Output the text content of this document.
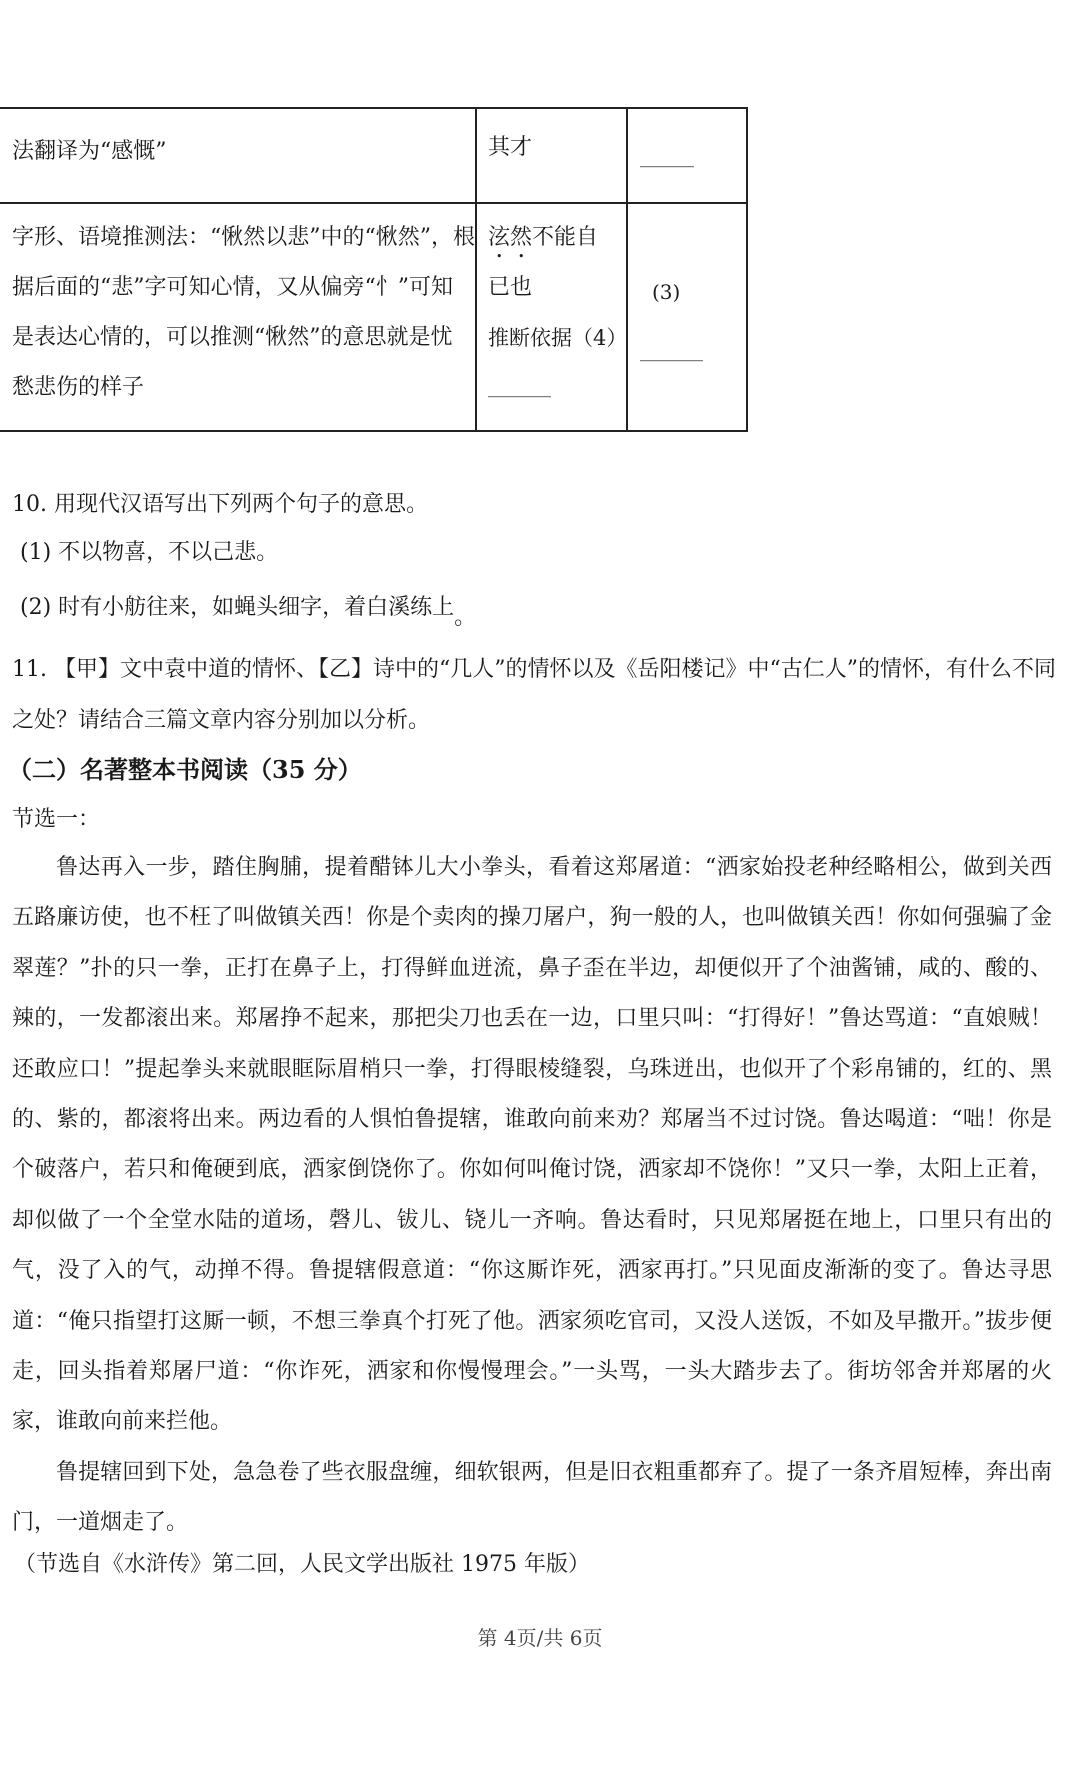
法翻译为“感慨”	其才	______
字形、语境推测法：“愀然以悲”中的“愀然”，根
据后面的“悲”字可知心情，又从偏旁“忄”可知
是表达心情的，可以推测“愀然”的意思就是忧
愁悲伤的样子
泫然不能自
已也
推断依据（4）
_______
(3)
_______
10. 用现代汉语写出下列两个句子的意思。
(1) 不以物喜，不以己悲。
(2) 时有小舫往来，如蝇头细字，着白溪练上。
11. 【甲】文中袁中道的情怀、【乙】诗中的“几人”的情怀以及《岳阳楼记》中“古仁人”的情怀，有什么不同
之处？请结合三篇文章内容分别加以分析。
（二）名著整本书阅读（35 分）
节选一：

鲁达再入一步，踏住胸脯，提着醋钵儿大小拳头，看着这郑屠道：“洒家始投老种经略相公，做到关西五路廉访使，也不枉了叫做镇关西！你是个卖肉的操刀屠户，狗一般的人，也叫做镇关西！你如何强骗了金翠莲？”扑的只一拳，正打在鼻子上，打得鲜血迸流，鼻子歪在半边，却便似开了个油酱铺，咸的、酸的、辣的，一发都滚出来。郑屠挣不起来，那把尖刀也丢在一边，口里只叫：“打得好！”鲁达骂道：“直娘贼！还敢应口！”提起拳头来就眼眶际眉梢只一拳，打得眼棱缝裂，乌珠迸出，也似开了个彩帛铺的，红的、黑的、紫的，都滚将出来。两边看的人惧怕鲁提辖，谁敢向前来劝？郑屠当不过讨饶。鲁达喝道：“咄！你是个破落户，若只和俺硬到底，洒家倒饶你了。你如何叫俺讨饶，洒家却不饶你！”又只一拳，太阳上正着，却似做了一个全堂水陆的道场，磬儿、钹儿、铙儿一齐响。鲁达看时，只见郑屠挺在地上，口里只有出的气，没了入的气，动掸不得。鲁提辖假意道：“你这厮诈死，洒家再打。”只见面皮渐渐的变了。鲁达寻思道：“俺只指望打这厮一顿，不想三拳真个打死了他。洒家须吃官司，又没人送饭，不如及早撒开。”拔步便走，回头指着郑屠尸道：“你诈死，洒家和你慢慢理会。”一头骂，一头大踏步去了。街坊邻舍并郑屠的火家，谁敢向前来拦他。

鲁提辖回到下处，急急卷了些衣服盘缠，细软银两，但是旧衣粗重都弃了。提了一条齐眉短棒，奔出南门，一道烟走了。

（节选自《水浒传》第二回，人民文学出版社 1975 年版）
第 4页/共 6页
